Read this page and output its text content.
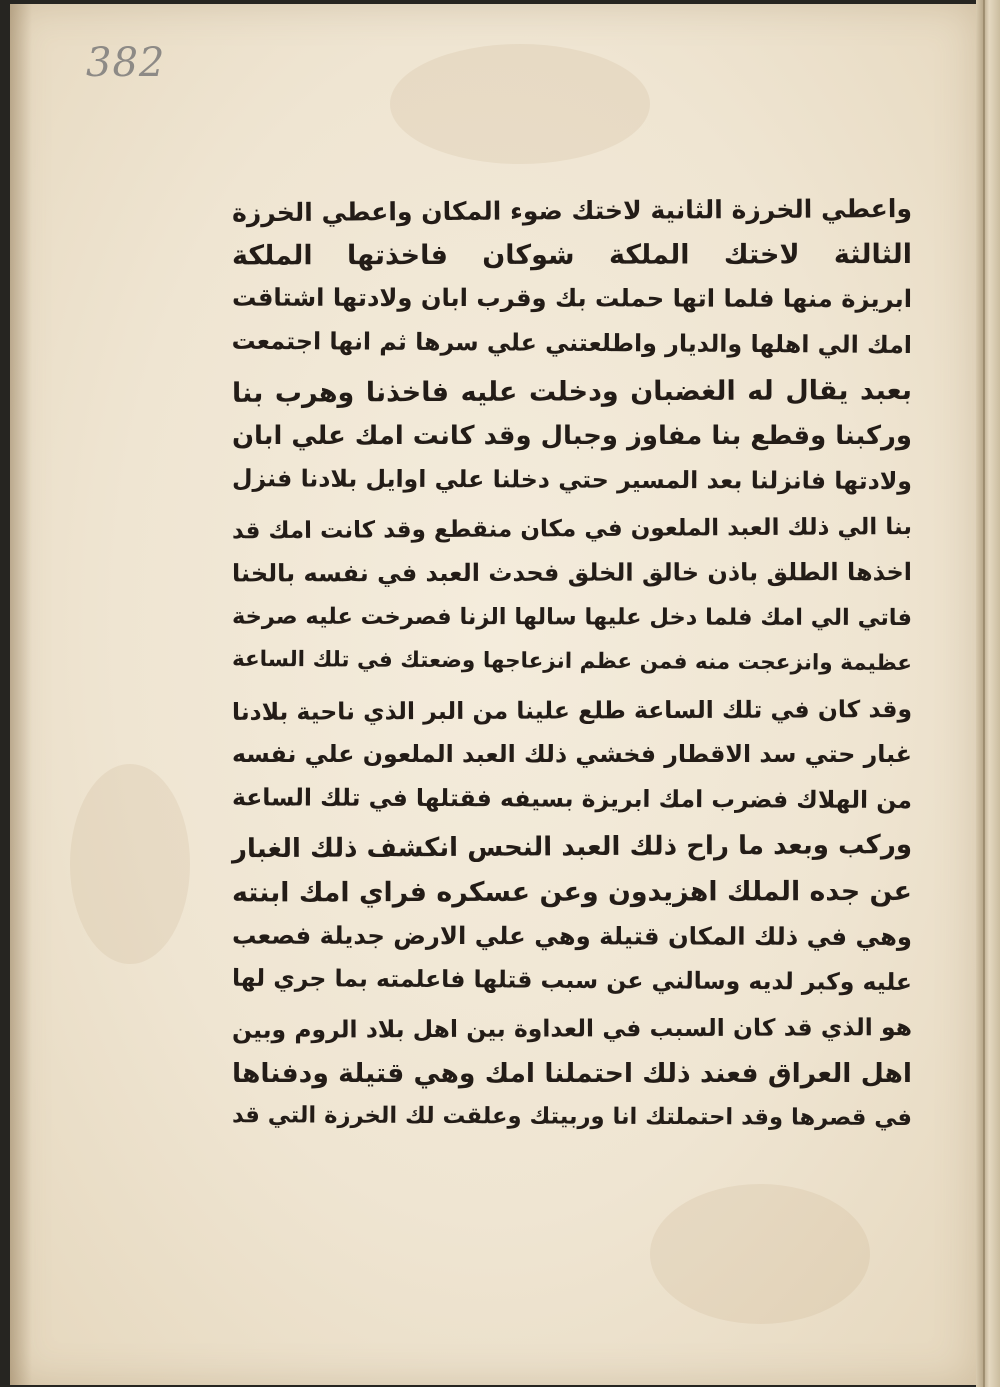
382
واعطي الخرزة الثانية لاختك ضوء المكان واعطي الخرزة
الثالثة لاختك الملكة شوكان فاخذتها الملكة
ابريزة منها فلما اتها حملت بك وقرب ابان ولادتها اشتاقت
امك الي اهلها والديار واطلعتني علي سرها ثم انها اجتمعت
بعبد يقال له الغضبان ودخلت عليه فاخذنا وهرب بنا
وركبنا وقطع بنا مفاوز وجبال وقد كانت امك علي ابان
ولادتها فانزلنا بعد المسير حتي دخلنا علي اوايل بلادنا فنزل
بنا الي ذلك العبد الملعون في مكان منقطع وقد كانت امك قد
اخذها الطلق باذن خالق الخلق فحدث العبد في نفسه بالخنا
فاتي الي امك فلما دخل عليها سالها الزنا فصرخت عليه صرخة
عظيمة وانزعجت منه فمن عظم انزعاجها وضعتك في تلك الساعة
وقد كان في تلك الساعة طلع علينا من البر الذي ناحية بلادنا
غبار حتي سد الاقطار فخشي ذلك العبد الملعون علي نفسه
من الهلاك فضرب امك ابريزة بسيفه فقتلها في تلك الساعة
وركب وبعد ما راح ذلك العبد النحس انكشف ذلك الغبار
عن جده الملك اهزيدون وعن عسكره فراي امك ابنته
وهي في ذلك المكان قتيلة وهي علي الارض جديلة فصعب
عليه وكبر لديه وسالني عن سبب قتلها فاعلمته بما جري لها
هو الذي قد كان السبب في العداوة بين اهل بلاد الروم وبين
اهل العراق فعند ذلك احتملنا امك وهي قتيلة ودفناها
في قصرها وقد احتملتك انا وربيتك وعلقت لك الخرزة التي قد
